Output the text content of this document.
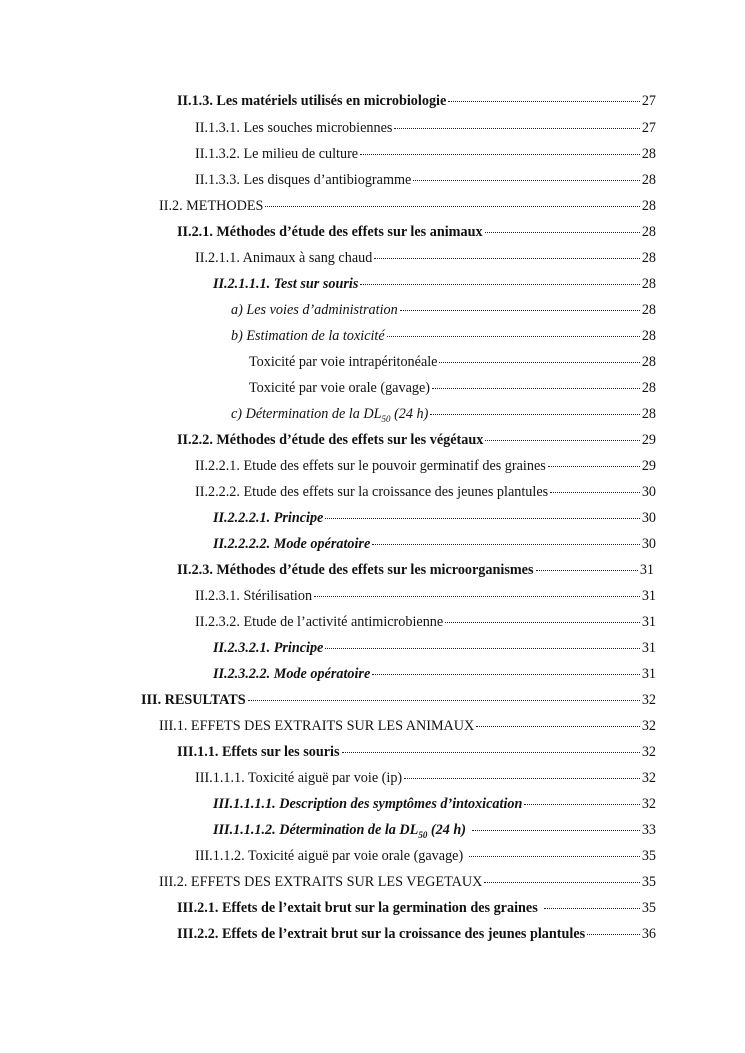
II.1.3. Les matériels utilisés en microbiologie	27
II.1.3.1. Les souches microbiennes	27
II.1.3.2. Le milieu de culture	28
II.1.3.3. Les disques d’antibiogramme	28
II.2. METHODES	28
II.2.1. Méthodes d’étude des effets sur les animaux	28
II.2.1.1. Animaux à sang chaud	28
II.2.1.1.1. Test sur souris	28
a) Les voies d’administration	28
b) Estimation de la toxicité	28
Toxicité par voie intrapéritonéale	28
Toxicité par voie orale (gavage)	28
c) Détermination de la $DL_{50}$ (24 h)	28
II.2.2. Méthodes d’étude des effets sur les végétaux	29
II.2.2.1. Etude des effets sur le pouvoir germinatif des graines	29
II.2.2.2. Etude des effets sur la croissance des jeunes plantules	30
II.2.2.2.1. Principe	30
II.2.2.2.2. Mode opératoire	30
II.2.3. Méthodes d’étude des effets sur les microorganismes	31
II.2.3.1. Stérilisation	31
II.2.3.2. Etude de l’activité antimicrobienne	31
II.2.3.2.1. Principe	31
II.2.3.2.2. Mode opératoire	31
III. RESULTATS	32
III.1. EFFETS DES EXTRAITS SUR LES ANIMAUX	32
III.1.1. Effets sur les souris	32
III.1.1.1. Toxicité aiguë par voie (ip)	32
III.1.1.1.1. Description des symptômes d’intoxication	32
III.1.1.1.2. Détermination de la $DL_{50}$ (24 h)	33
III.1.1.2. Toxicité aiguë par voie orale (gavage)	35
III.2. EFFETS DES EXTRAITS SUR LES VEGETAUX	35
III.2.1. Effets de l’extait brut sur la germination des graines	35
III.2.2. Effets de l’extrait brut sur la croissance des jeunes plantules	36
